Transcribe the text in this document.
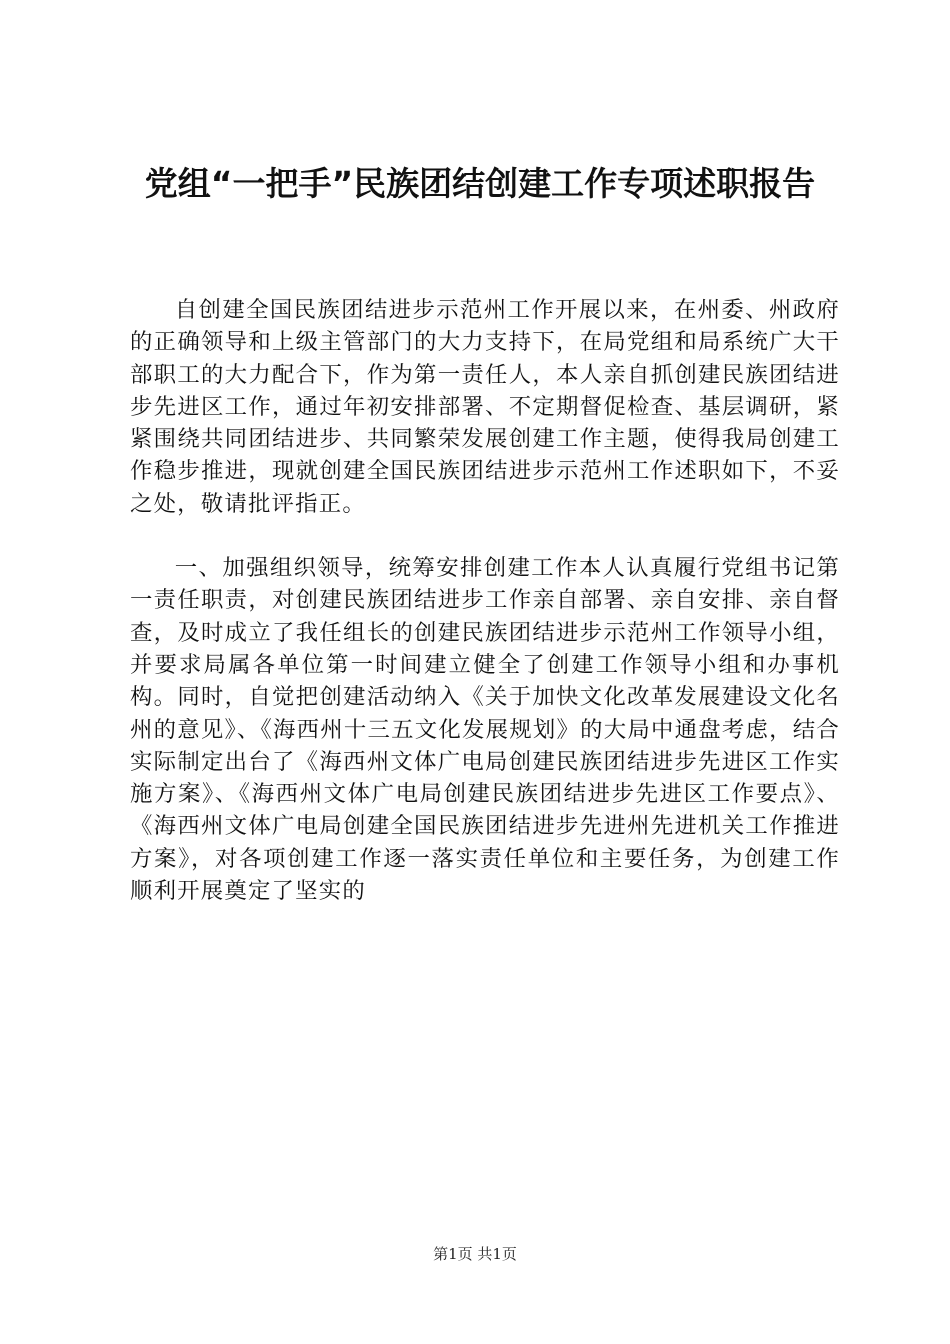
党组“一把手”民族团结创建工作专项述职报告

自创建全国民族团结进步示范州工作开展以来，在州委、州政府的正确领导和上级主管部门的大力支持下，在局党组和局系统广大干部职工的大力配合下，作为第一责任人，本人亲自抓创建民族团结进步先进区工作，通过年初安排部署、不定期督促检查、基层调研，紧紧围绕共同团结进步、共同繁荣发展创建工作主题，使得我局创建工作稳步推进，现就创建全国民族团结进步示范州工作述职如下，不妥之处，敬请批评指正。

一、加强组织领导，统筹安排创建工作本人认真履行党组书记第一责任职责，对创建民族团结进步工作亲自部署、亲自安排、亲自督查，及时成立了我任组长的创建民族团结进步示范州工作领导小组，并要求局属各单位第一时间建立健全了创建工作领导小组和办事机构。同时，自觉把创建活动纳入《关于加快文化改革发展建设文化名州的意见》、《海西州十三五文化发展规划》的大局中通盘考虑，结合实际制定出台了《海西州文体广电局创建民族团结进步先进区工作实施方案》、《海西州文体广电局创建民族团结进步先进区工作要点》、《海西州文体广电局创建全国民族团结进步先进州先进机关工作推进方案》，对各项创建工作逐一落实责任单位和主要任务，为创建工作顺利开展奠定了坚实的

第1页 共1页
